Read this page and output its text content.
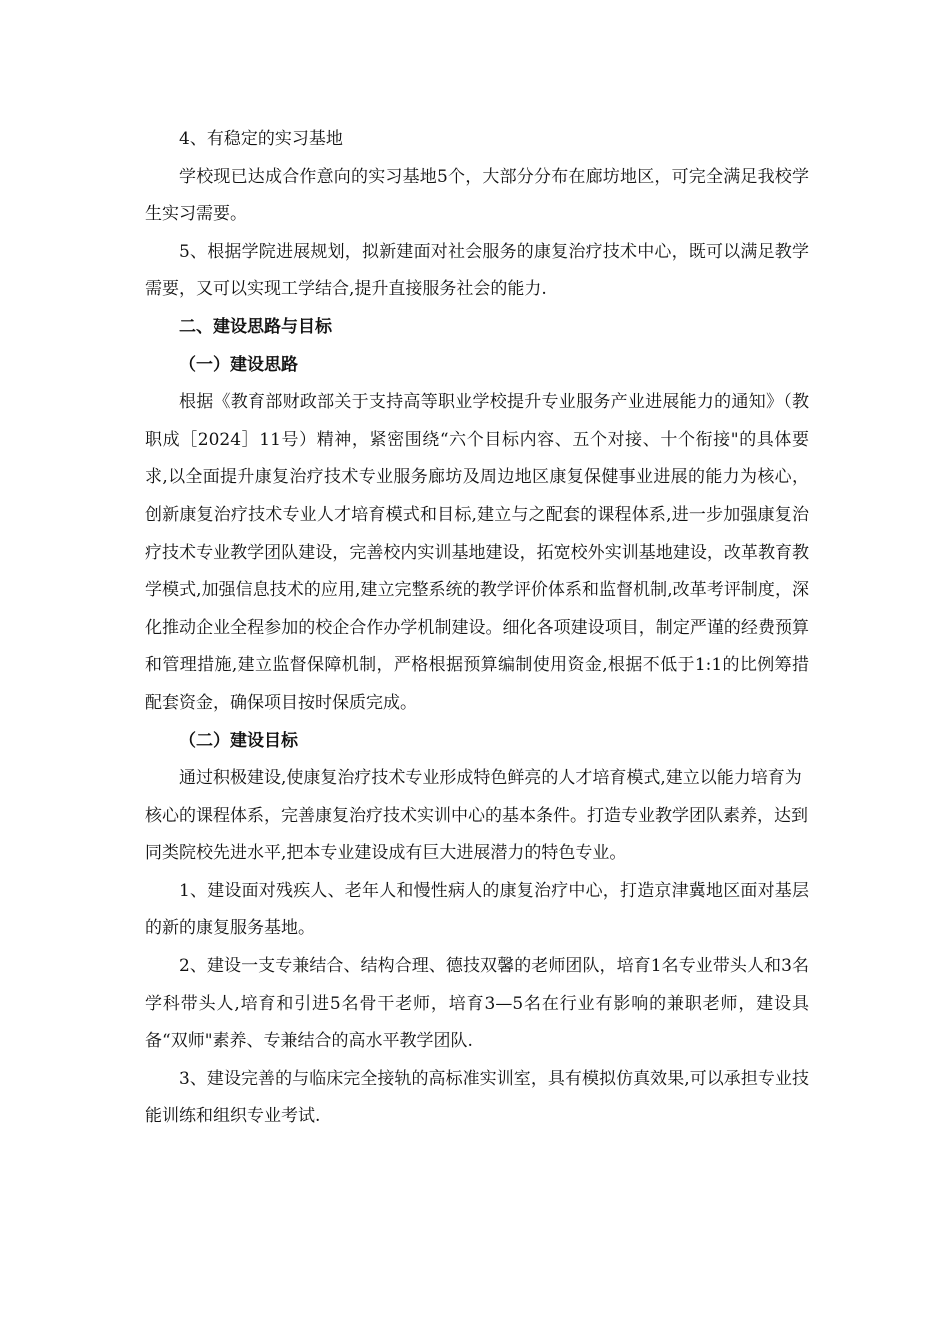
4、有稳定的实习基地

学校现已达成合作意向的实习基地5个，大部分分布在廊坊地区，可完全满足我校学生实习需要。

5、根据学院进展规划，拟新建面对社会服务的康复治疗技术中心，既可以满足教学需要，又可以实现工学结合,提升直接服务社会的能力.

二、建设思路与目标

（一）建设思路

根据《教育部财政部关于支持高等职业学校提升专业服务产业进展能力的通知》（教职成［2024］11号）精神，紧密围绕“六个目标内容、五个对接、十个衔接"的具体要求,以全面提升康复治疗技术专业服务廊坊及周边地区康复保健事业进展的能力为核心，创新康复治疗技术专业人才培育模式和目标,建立与之配套的课程体系,进一步加强康复治疗技术专业教学团队建设，完善校内实训基地建设，拓宽校外实训基地建设，改革教育教学模式,加强信息技术的应用,建立完整系统的教学评价体系和监督机制,改革考评制度，深化推动企业全程参加的校企合作办学机制建设。细化各项建设项目，制定严谨的经费预算和管理措施,建立监督保障机制，严格根据预算编制使用资金,根据不低于1:1的比例筹措配套资金，确保项目按时保质完成。

（二）建设目标

通过积极建设,使康复治疗技术专业形成特色鲜亮的人才培育模式,建立以能力培育为核心的课程体系，完善康复治疗技术实训中心的基本条件。打造专业教学团队素养，达到同类院校先进水平,把本专业建设成有巨大进展潜力的特色专业。

1、建设面对残疾人、老年人和慢性病人的康复治疗中心，打造京津冀地区面对基层的新的康复服务基地。

2、建设一支专兼结合、结构合理、德技双馨的老师团队，培育1名专业带头人和3名学科带头人,培育和引进5名骨干老师，培育3—5名在行业有影响的兼职老师，建设具备“双师"素养、专兼结合的高水平教学团队.

3、建设完善的与临床完全接轨的高标准实训室，具有模拟仿真效果,可以承担专业技能训练和组织专业考试.
